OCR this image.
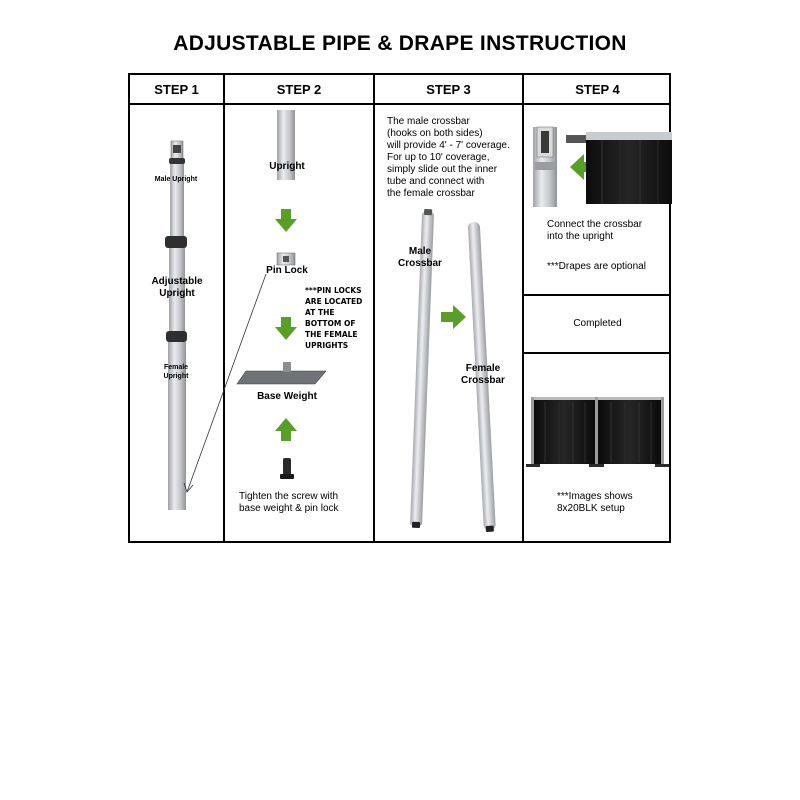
ADJUSTABLE PIPE & DRAPE INSTRUCTION
STEP 1	STEP 2	STEP 3	STEP 4
Male Upright
Adjustable
Upright
Female
Upright
Upright
Pin Lock
***PIN LOCKS
ARE LOCATED
AT THE
BOTTOM OF
THE FEMALE
UPRIGHTS
Base Weight
Tighten the screw with
base weight & pin lock
The male crossbar
(hooks on both sides)
will provide 4' - 7' coverage.
For up to 10' coverage,
simply slide out the inner
tube and connect with
the female crossbar
Male
Crossbar
Female
Crossbar
Connect the crossbar
into the upright
***Drapes are optional
Completed
***Images shows
8x20BLK setup
